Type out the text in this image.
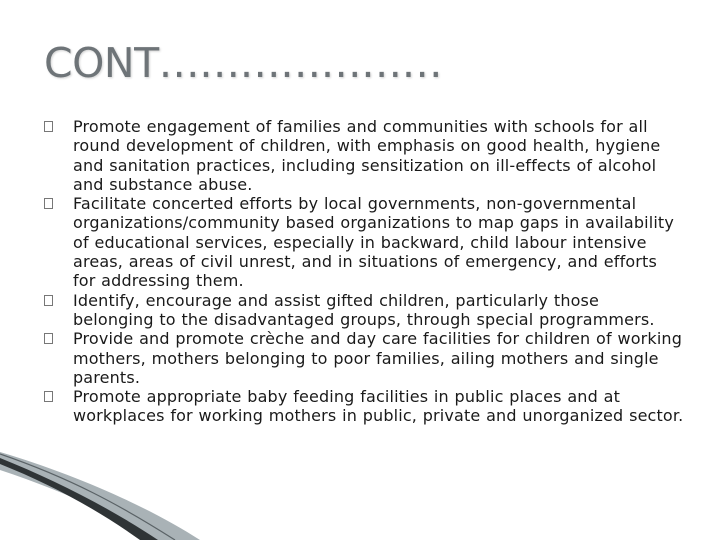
CONT…………………
Promote engagement of families and communities with schools for all round development of children, with emphasis on good health, hygiene and sanitation practices, including sensitization on ill-effects of alcohol and substance abuse.
Facilitate concerted efforts by local governments, non-governmental organizations/community based organizations to map gaps in availability of educational services, especially in backward, child labour intensive areas, areas of civil unrest, and in situations of emergency, and efforts for addressing them.
Identify, encourage and assist gifted children, particularly those belonging to the disadvantaged groups, through special programmers.
Provide and promote crèche and day care facilities for children of working mothers, mothers belonging to poor families, ailing mothers and single parents.
Promote appropriate baby feeding facilities in public places and at workplaces for working mothers in public, private and unorganized sector.
